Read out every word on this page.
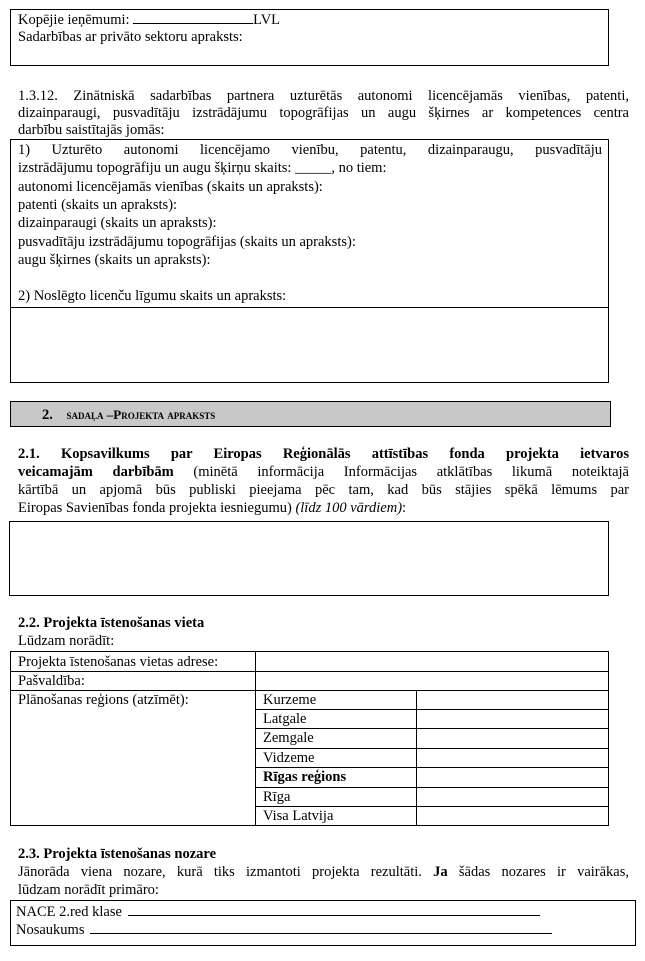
Kopējie ieņēmumi:	LVL
Sadarbības ar privāto sektoru apraksts:
1.3.12. Zinātniskā sadarbības partnera uzturētās autonomi licencējamās vienības, patenti,
dizainparaugi, pusvadītāju izstrādājumu topogrāfijas un augu šķirnes ar kompetences centra
darbību saistītajās jomās:
1) Uzturēto autonomi licencējamo vienību, patentu, dizainparaugu, pusvadītāju
izstrādājumu topogrāfiju un augu šķirņu skaits: _____, no tiem:
autonomi licencējamās vienības (skaits un apraksts):
patenti (skaits un apraksts):
dizainparaugi (skaits un apraksts):
pusvadītāju izstrādājumu topogrāfijas (skaits un apraksts):
augu šķirnes (skaits un apraksts):
2) Noslēgto licenču līgumu skaits un apraksts:
2. sadaļa –Projekta apraksts
2.1. Kopsavilkums par Eiropas Reģionālās attīstības fonda projekta ietvaros
veicamajām darbībām (minētā informācija Informācijas atklātības likumā noteiktajā
kārtībā un apjomā būs publiski pieejama pēc tam, kad būs stājies spēkā lēmums par
Eiropas Savienības fonda projekta iesniegumu) (līdz 100 vārdiem):
2.2. Projekta īstenošanas vieta
Lūdzam norādīt:
Projekta īstenošanas vietas adrese:
Pašvaldība:
Plānošanas reģions (atzīmēt):	Kurzeme
Latgale
Zemgale
Vidzeme
Rīgas reģions
Rīga
Visa Latvija
2.3. Projekta īstenošanas nozare
Jānorāda viena nozare, kurā tiks izmantoti projekta rezultāti. Ja šādas nozares ir vairākas,
lūdzam norādīt primāro:
NACE 2.red klase
Nosaukums
